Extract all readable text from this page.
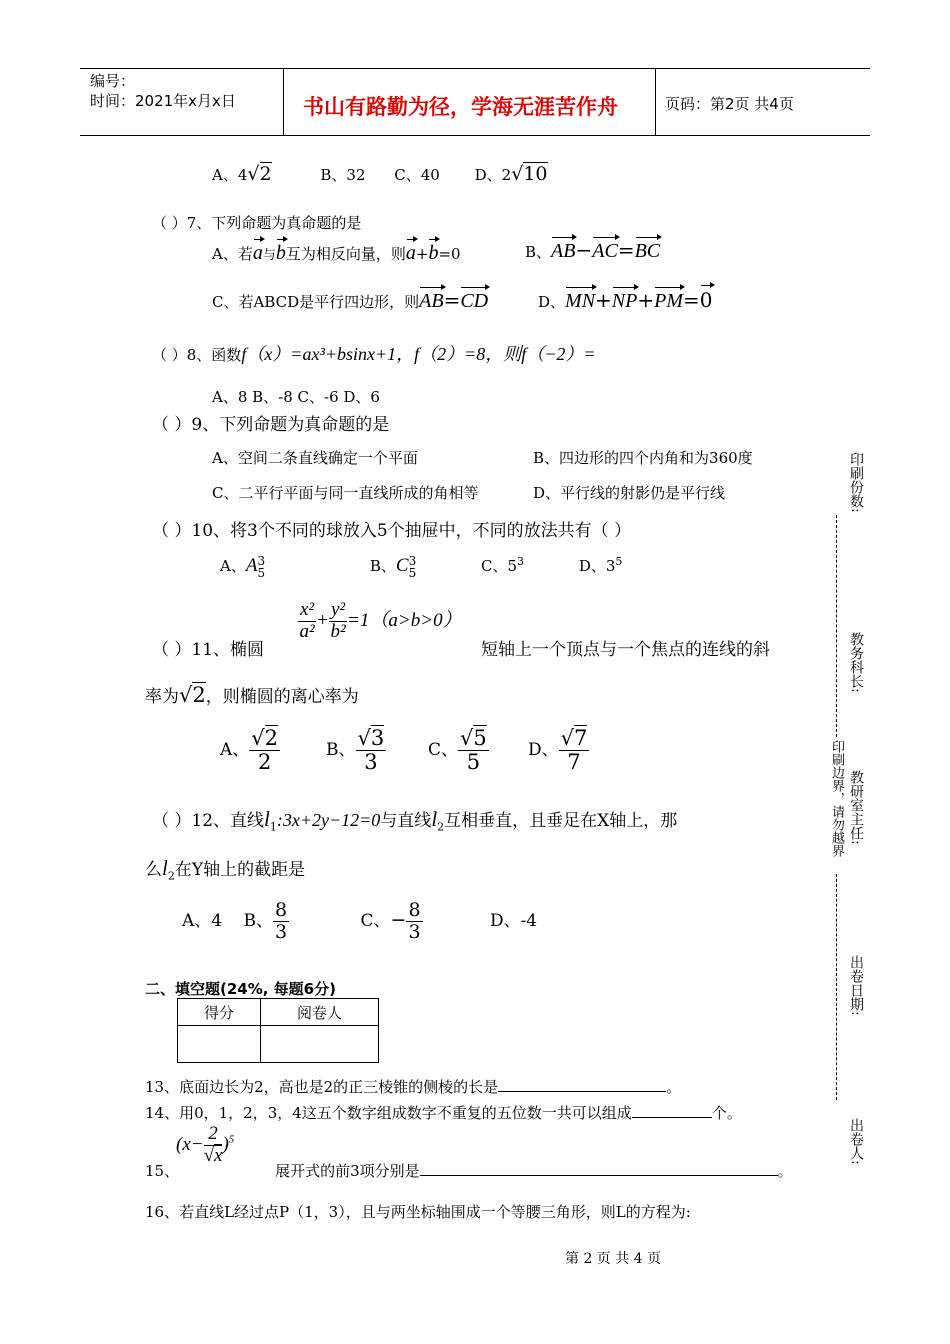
编号：
时间：2021年x月x日	书山有路勤为径，学海无涯苦作舟	页码：第2页 共4页
A、4√2	B、32 C、40 D、2√10
（ ）7、下列命题为真命题的是
A、若a与b互为相反向量，则a+b=0	B、AB−AC=BC
C、若ABCD是平行四边形，则AB=CD	D、MN+NP+PM=0
（ ）8、函数f（x）=ax³+bsinx+1，f（2）=8，则f（−2）=
A、8 B、-8 C、-6 D、6
（ ）9、下列命题为真命题的是
A、空间二条直线确定一个平面	B、四边形的四个内角和为360度
C、二平行平面与同一直线所成的角相等	D、平行线的射影仍是平行线
（ ）10、将3个不同的球放入5个抽屉中，不同的放法共有（ ）
A、A 3
5	B、C 3
5	C、$5^3$	D、$3^5$
（ ）11、椭圆
$\frac{\text{x²}}{\text{a²}} + \frac{\text{y²}}{\text{b²}} =1(a>b>0)$
短轴上一个顶点与一个焦点的连线的斜
率为√2，则椭圆的离心率为
A、 $\frac{√2}{2}$	B、 $\frac{√3}{3}$ C、 $\frac{√5}{5}$ D、 $\frac{√7}{7}$
（ ）12、直线$l_1:3x+2y-12=0$与直线$l_2$互相垂直，且垂足在X轴上，那
么$l_2$在Y轴上的截距是
A、4 B、 $\frac{8}{3}$	C、− $\frac{8}{3}$	D、-4
二、填空题(24%, 每题6分)
得分	阅卷人

13、底面边长为2，高也是2的正三棱锥的侧棱的长是	。
14、用0，1，2，3，4这五个数字组成数字不重复的五位数一共可以组成	个。
$(x- \frac{2}{√x} )^5$
15、	展开式的前3项分别是	。
16、若直线L经过点P（1，3），且与两坐标轴围成一个等腰三角形，则L的方程为:
印刷份数:
教务科长:
教研室主任:
出卷日期:
出卷人:
印刷边界，请勿越界
第 2 页 共 4 页
